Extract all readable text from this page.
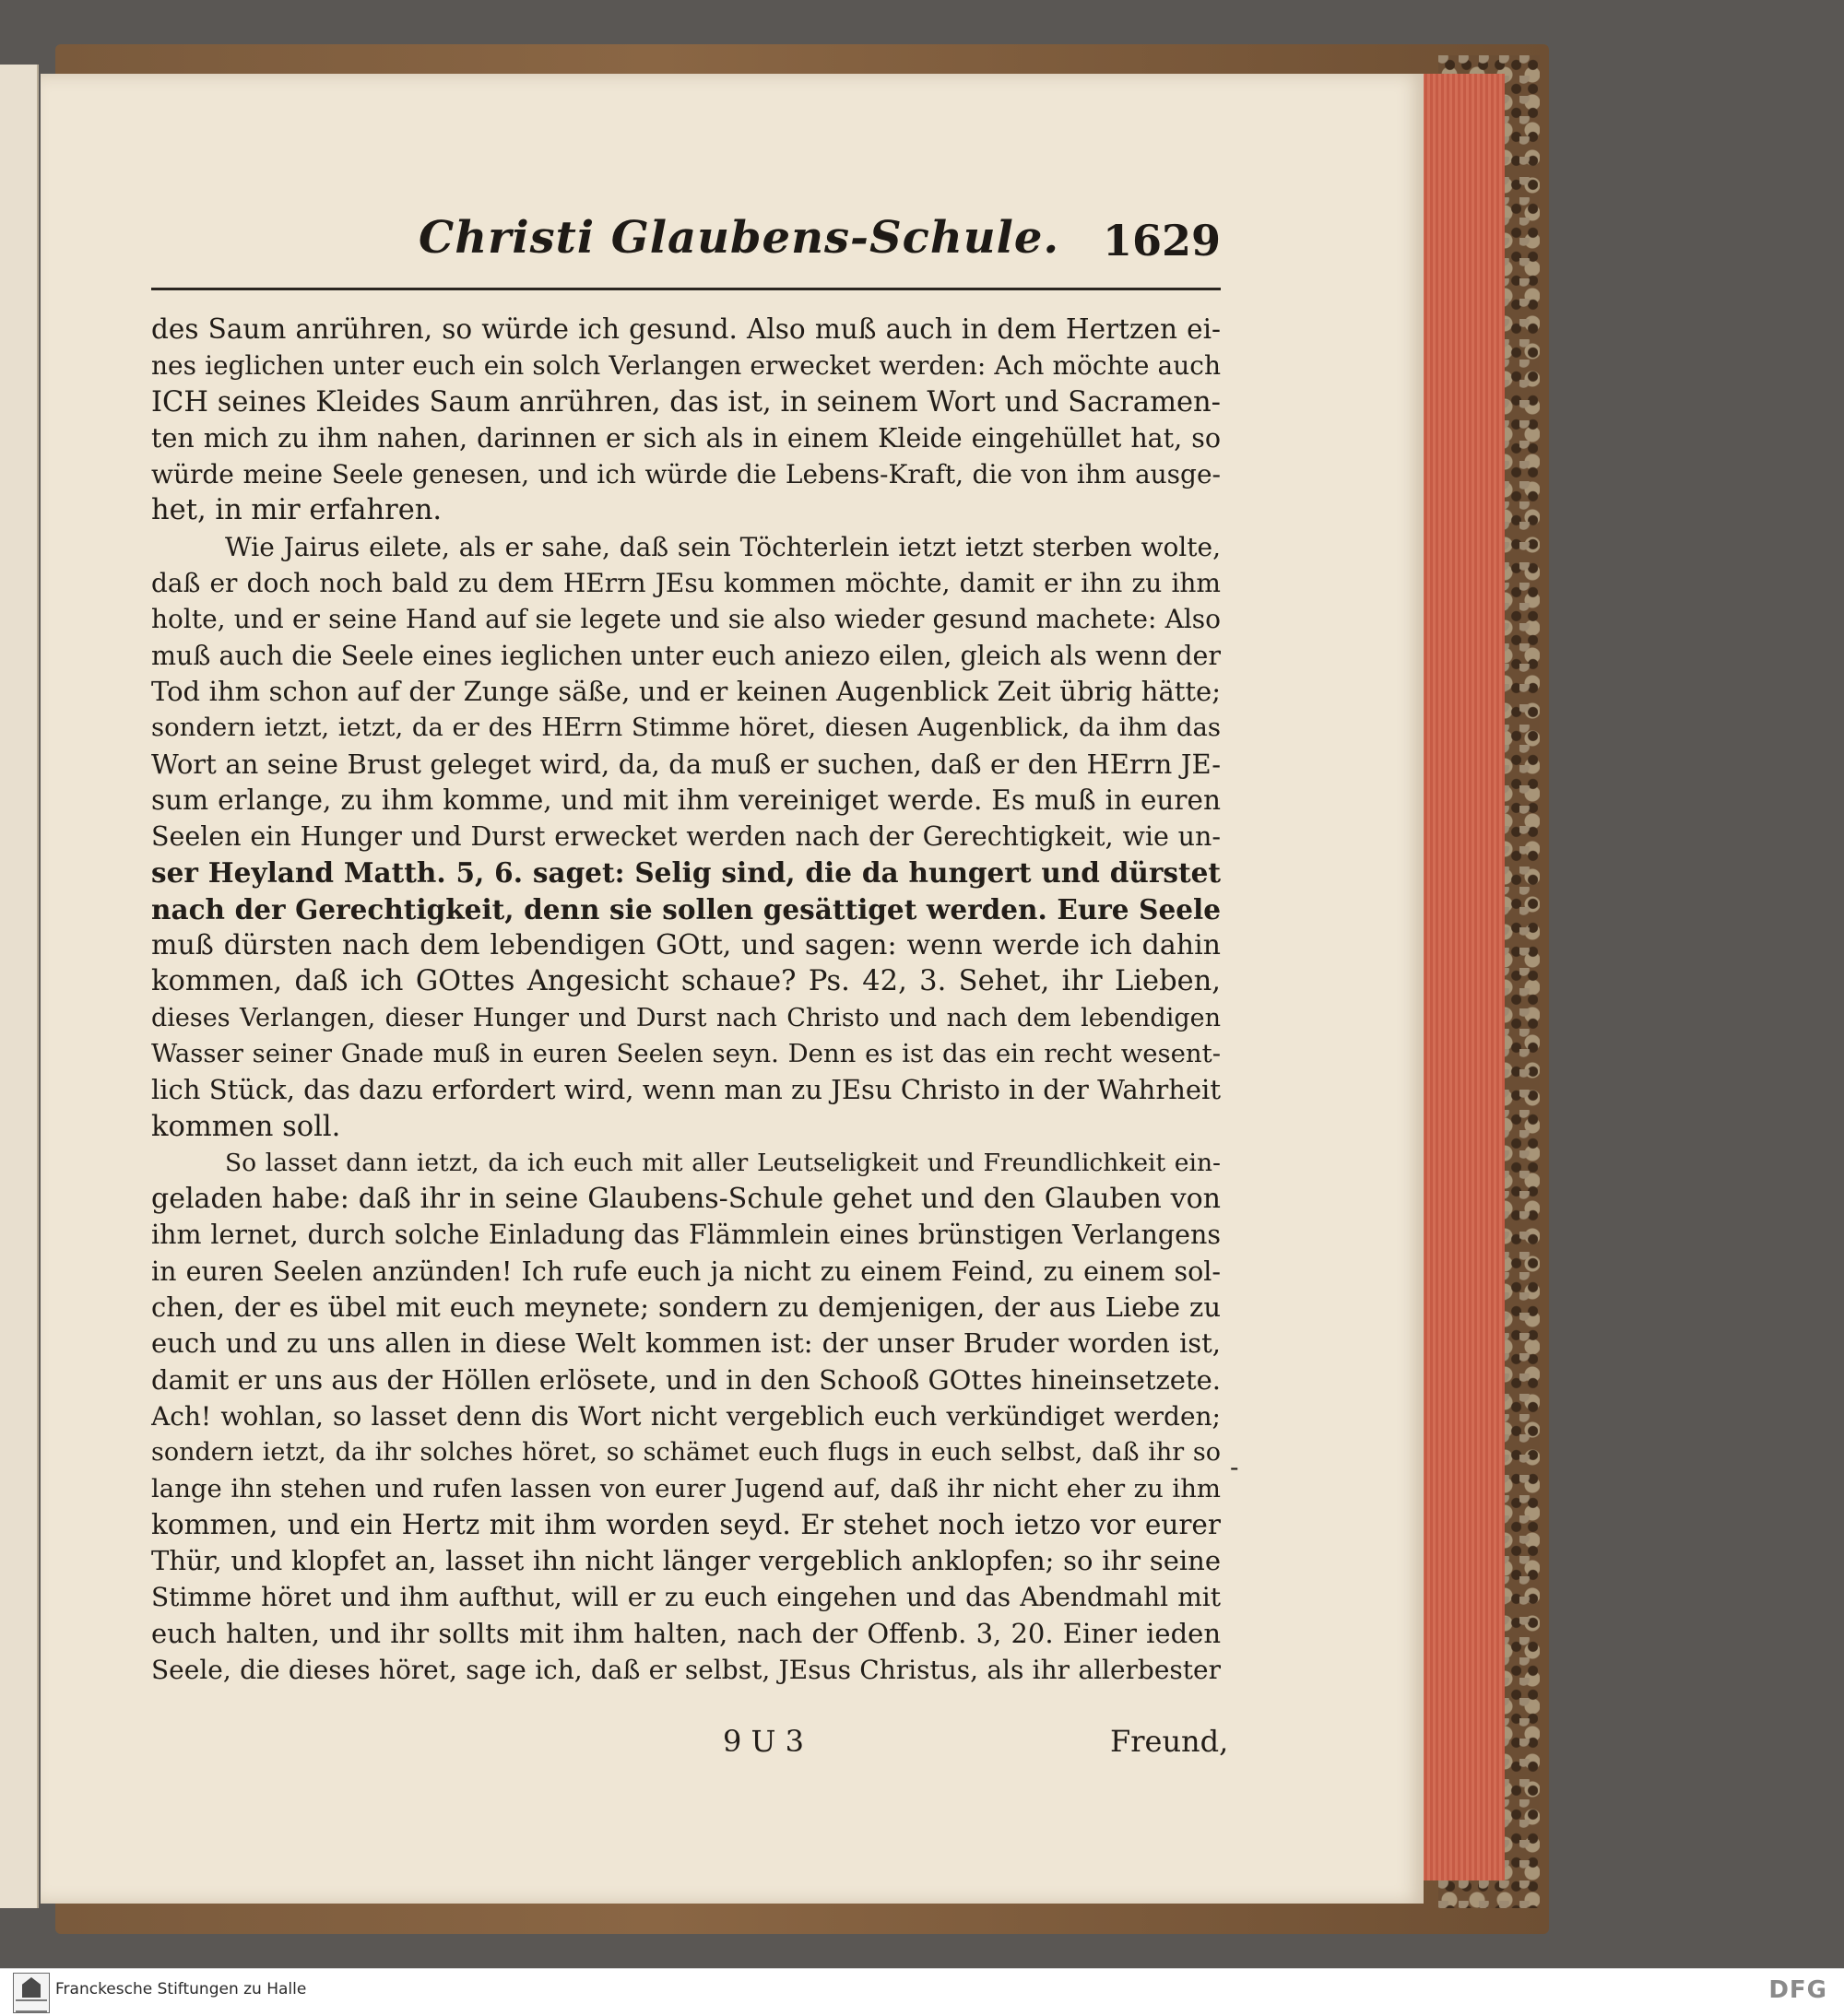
Christi Glaubens-Schule. 1629
des Saum anrühren, so würde ich gesund. Also muß auch in dem Hertzen ei-
nes ieglichen unter euch ein solch Verlangen erwecket werden: Ach möchte auch
ICH seines Kleides Saum anrühren, das ist, in seinem Wort und Sacramen-
ten mich zu ihm nahen, darinnen er sich als in einem Kleide eingehüllet hat, so
würde meine Seele genesen, und ich würde die Lebens-Kraft, die von ihm ausge-
het, in mir erfahren.
Wie Jairus eilete, als er sahe, daß sein Töchterlein ietzt ietzt sterben wolte,
daß er doch noch bald zu dem HErrn JEsu kommen möchte, damit er ihn zu ihm
holte, und er seine Hand auf sie legete und sie also wieder gesund machete: Also
muß auch die Seele eines ieglichen unter euch aniezo eilen, gleich als wenn der
Tod ihm schon auf der Zunge säße, und er keinen Augenblick Zeit übrig hätte;
sondern ietzt, ietzt, da er des HErrn Stimme höret, diesen Augenblick, da ihm das
Wort an seine Brust geleget wird, da, da muß er suchen, daß er den HErrn JE-
sum erlange, zu ihm komme, und mit ihm vereiniget werde. Es muß in euren
Seelen ein Hunger und Durst erwecket werden nach der Gerechtigkeit, wie un-
ser Heyland Matth. 5, 6. saget: Selig sind, die da hungert und dürstet
nach der Gerechtigkeit, denn sie sollen gesättiget werden. Eure Seele
muß dürsten nach dem lebendigen GOtt, und sagen: wenn werde ich dahin
kommen, daß ich GOttes Angesicht schaue? Ps. 42, 3. Sehet, ihr Lieben,
dieses Verlangen, dieser Hunger und Durst nach Christo und nach dem lebendigen
Wasser seiner Gnade muß in euren Seelen seyn. Denn es ist das ein recht wesent-
lich Stück, das dazu erfordert wird, wenn man zu JEsu Christo in der Wahrheit
kommen soll.
So lasset dann ietzt, da ich euch mit aller Leutseligkeit und Freundlichkeit ein-
geladen habe: daß ihr in seine Glaubens-Schule gehet und den Glauben von
ihm lernet, durch solche Einladung das Flämmlein eines brünstigen Verlangens
in euren Seelen anzünden! Ich rufe euch ja nicht zu einem Feind, zu einem sol-
chen, der es übel mit euch meynete; sondern zu demjenigen, der aus Liebe zu
euch und zu uns allen in diese Welt kommen ist: der unser Bruder worden ist,
damit er uns aus der Höllen erlösete, und in den Schooß GOttes hineinsetzete.
Ach! wohlan, so lasset denn dis Wort nicht vergeblich euch verkündiget werden;
sondern ietzt, da ihr solches höret, so schämet euch flugs in euch selbst, daß ihr so
lange ihn stehen und rufen lassen von eurer Jugend auf, daß ihr nicht eher zu ihm
kommen, und ein Hertz mit ihm worden seyd. Er stehet noch ietzo vor eurer
Thür, und klopfet an, lasset ihn nicht länger vergeblich anklopfen; so ihr seine
Stimme höret und ihm aufthut, will er zu euch eingehen und das Abendmahl mit
euch halten, und ihr sollts mit ihm halten, nach der Offenb. 3, 20. Einer ieden
Seele, die dieses höret, sage ich, daß er selbst, JEsus Christus, als ihr allerbester
-
9 U 3	Freund,
Franckesche Stiftungen zu Halle	DFG
